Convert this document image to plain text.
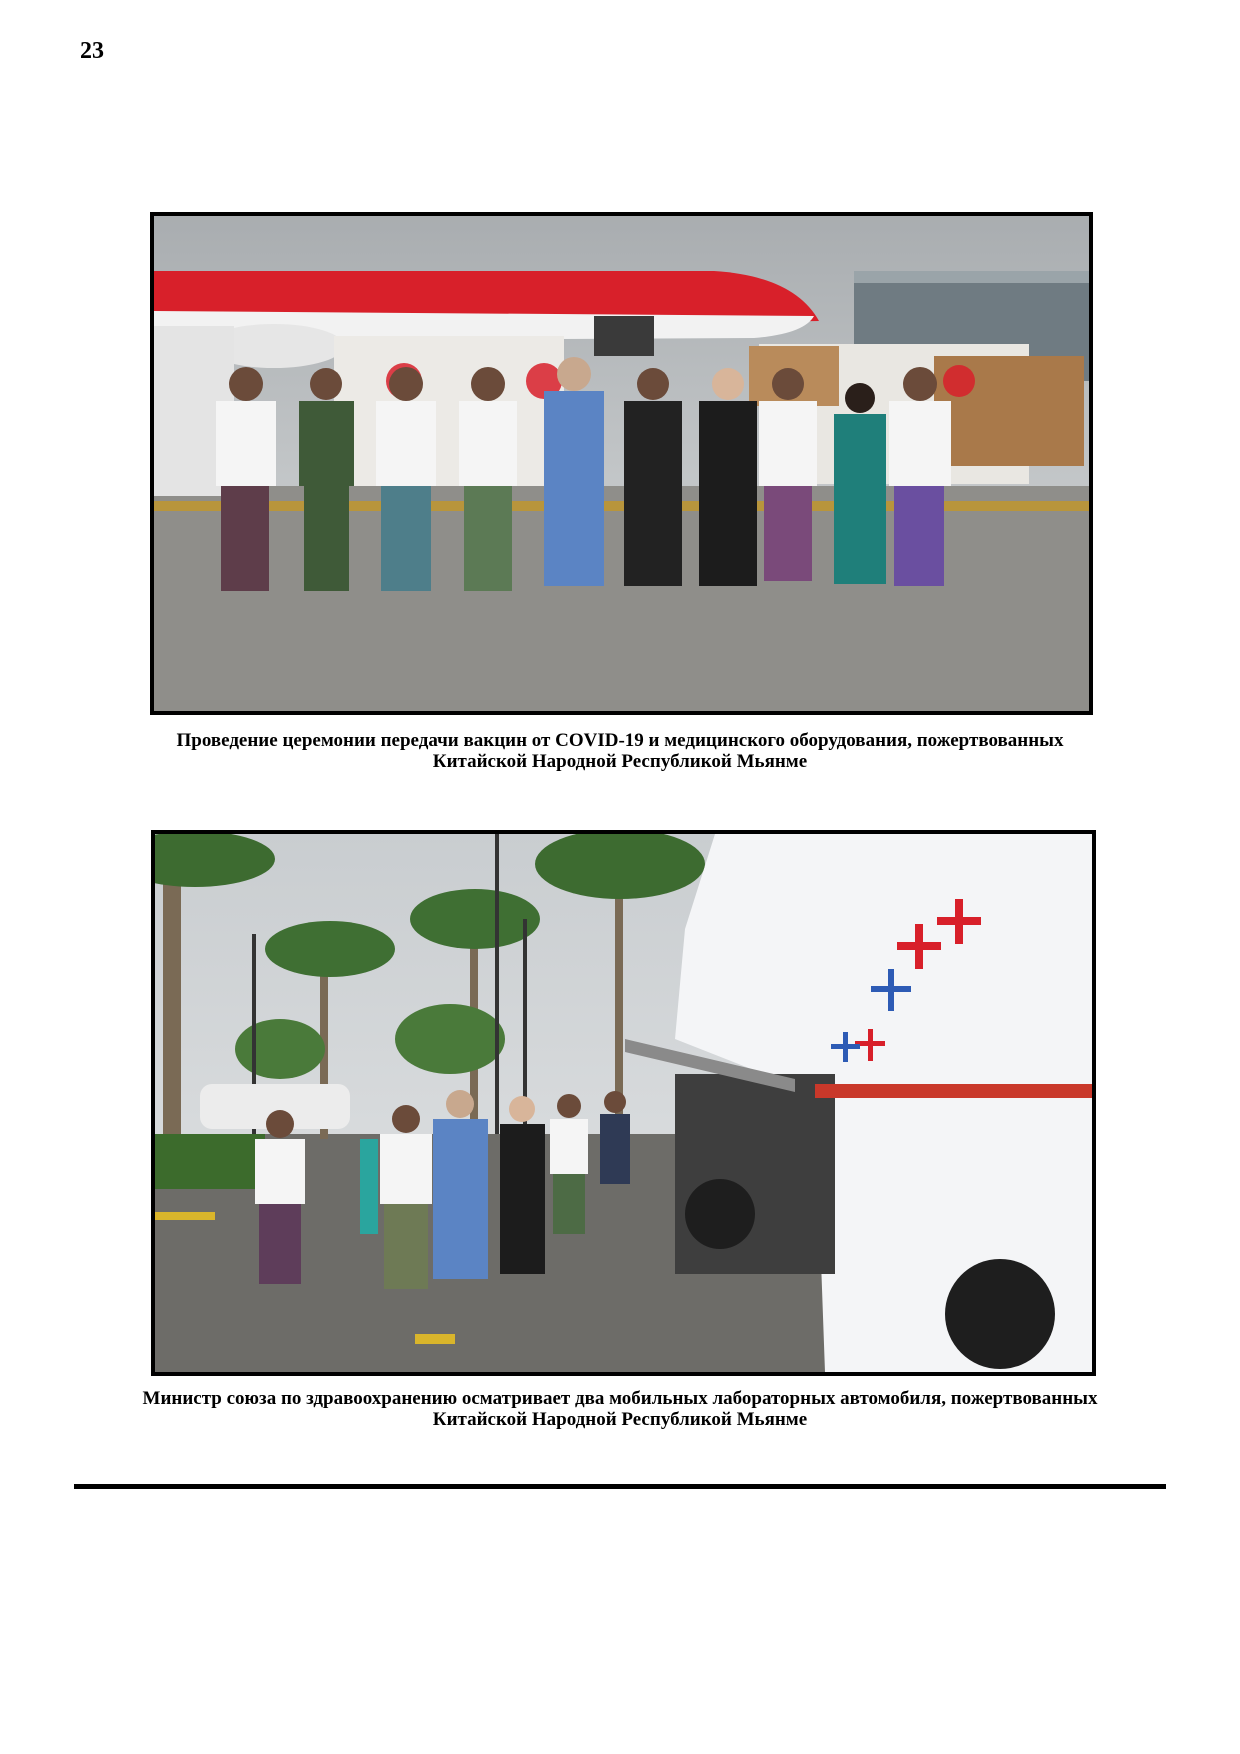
23
Проведение церемонии передачи вакцин от COVID-19 и медицинского оборудования, пожертвованных
Китайской Народной Республикой Мьянме
Министр союза по здравоохранению осматривает два мобильных лабораторных автомобиля, пожертвованных
Китайской Народной Республикой Мьянме
